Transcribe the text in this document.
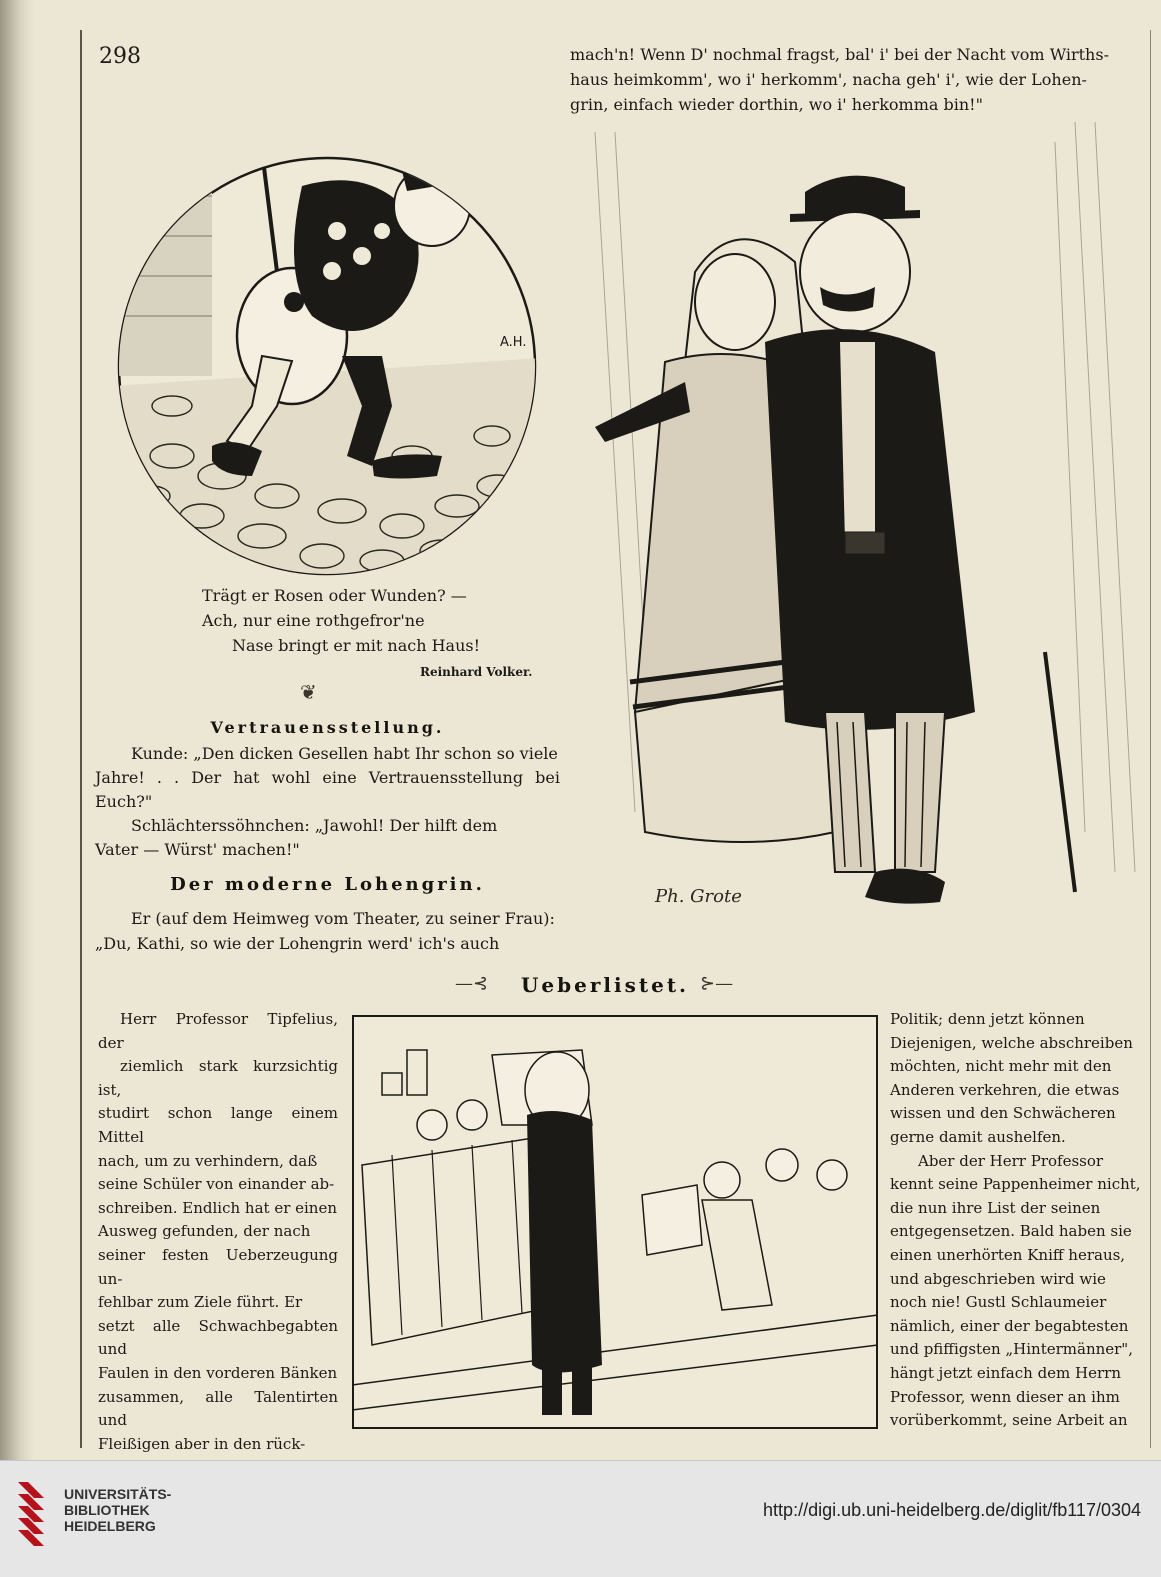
298	mach'n! Wenn D' nochmal fragst, bal' i' bei der Nacht vom Wirths-

haus heimkomm', wo i' herkomm', nacha geh' i', wie der Lohen-

grin, einfach wieder dorthin, wo i' herkomma bin!"

A.H.

Trägt er Rosen oder Wunden? —

Ach, nur eine rothgefror'ne

Nase bringt er mit nach Haus!

Reinhard Volker.
❦
Vertrauensstellung.

Kunde: „Den dicken Gesellen habt Ihr schon so viele

Jahre! . . Der hat wohl eine Vertrauensstellung bei Euch?"

Schlächterssöhnchen: „Jawohl! Der hilft dem

Vater — Würst' machen!"

Der moderne Lohengrin.

Er (auf dem Heimweg vom Theater, zu seiner Frau):

„Du, Kathi, so wie der Lohengrin werd' ich's auch

Ph. Grote
—⊰ Ueberlistet. ⊱—

Herr Professor Tipfelius, der

ziemlich stark kurzsichtig ist,

studirt schon lange einem Mittel

nach, um zu verhindern, daß

seine Schüler von einander ab-

schreiben. Endlich hat er einen

Ausweg gefunden, der nach

seiner festen Ueberzeugung un-

fehlbar zum Ziele führt. Er

setzt alle Schwachbegabten und

Faulen in den vorderen Bänken

zusammen, alle Talentirten und

Fleißigen aber in den rück-

Politik; denn jetzt können

Diejenigen, welche abschreiben

möchten, nicht mehr mit den

Anderen verkehren, die etwas

wissen und den Schwächeren

gerne damit aushelfen.

Aber der Herr Professor

kennt seine Pappenheimer nicht,

die nun ihre List der seinen

entgegensetzen. Bald haben sie

einen unerhörten Kniff heraus,

und abgeschrieben wird wie

noch nie! Gustl Schlaumeier

nämlich, einer der begabtesten

und pfiffigsten „Hintermänner",

hängt jetzt einfach dem Herrn

Professor, wenn dieser an ihm

vorüberkommt, seine Arbeit an

UNIVERSITÄTS-
BIBLIOTHEK
HEIDELBERG
http://digi.ub.uni-heidelberg.de/diglit/fb117/0304
